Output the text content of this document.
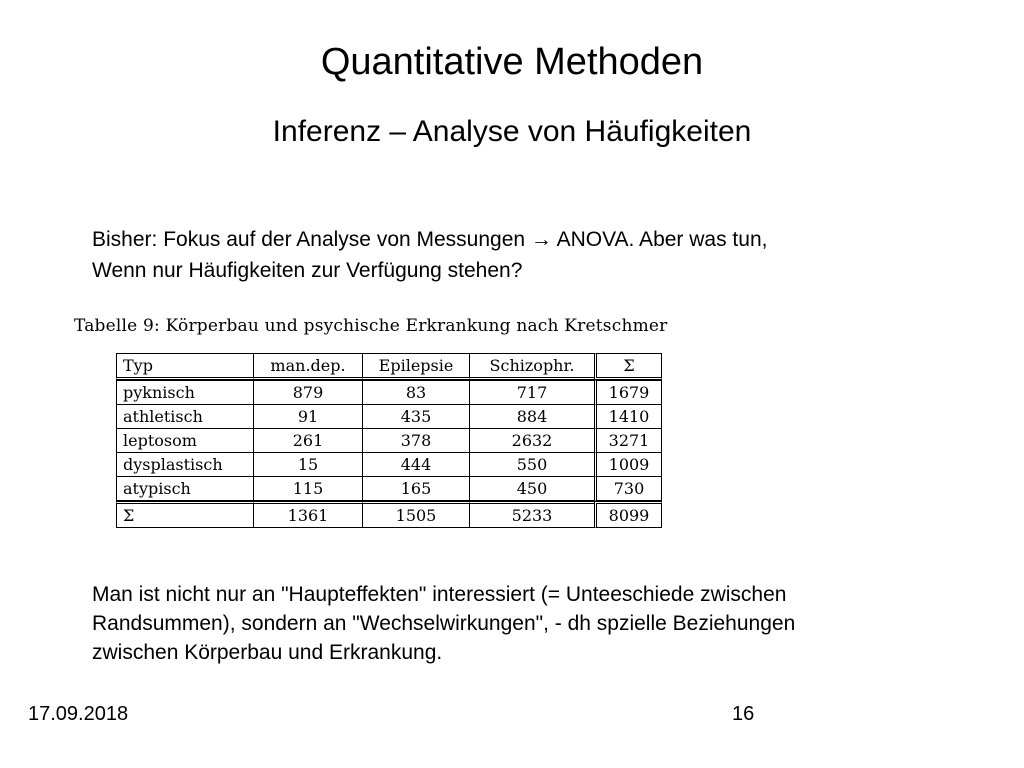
Quantitative Methoden
Inferenz – Analyse von Häufigkeiten
Bisher: Fokus auf der Analyse von Messungen → ANOVA. Aber was tun,
Wenn nur Häufigkeiten zur Verfügung stehen?
Tabelle 9: Körperbau und psychische Erkrankung nach Kretschmer
Typ	man.dep.	Epilepsie	Schizophr.	Σ
pyknisch	879	83	717	1679
athletisch	91	435	884	1410
leptosom	261	378	2632	3271
dysplastisch	15	444	550	1009
atypisch	115	165	450	730
Σ	1361	1505	5233	8099
Man ist nicht nur an "Haupteffekten" interessiert (= Unteeschiede zwischen
Randsummen), sondern an "Wechselwirkungen", - dh spzielle Beziehungen
zwischen Körperbau und Erkrankung.
17.09.2018	16
